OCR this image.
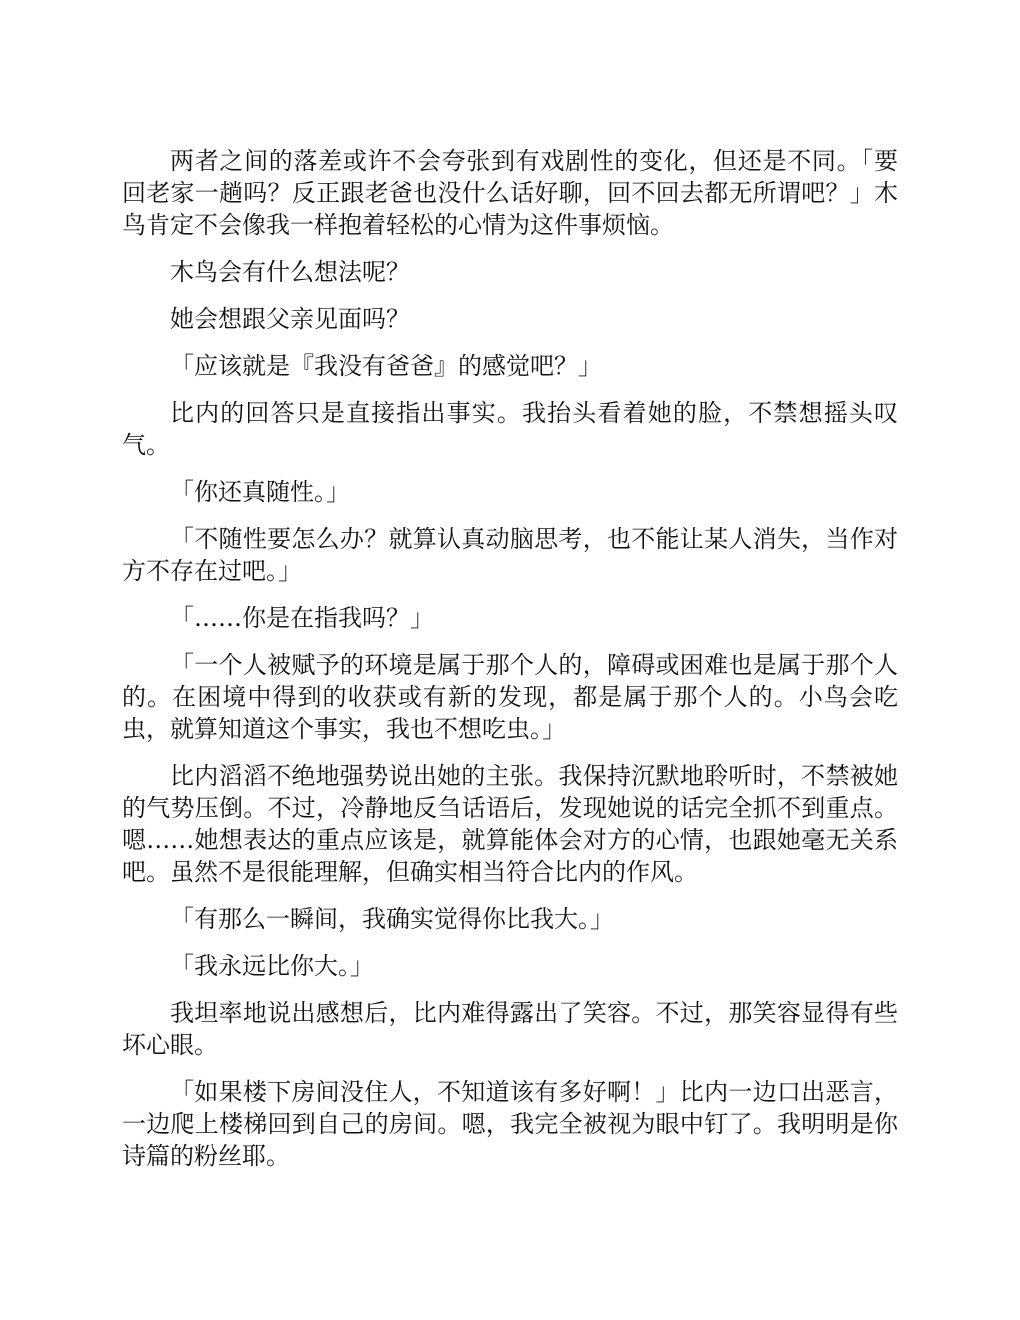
两者之间的落差或许不会夸张到有戏剧性的变化，但还是不同。「要回老家一趟吗？反正跟老爸也没什么话好聊，回不回去都无所谓吧？」木鸟肯定不会像我一样抱着轻松的心情为这件事烦恼。

木鸟会有什么想法呢？

她会想跟父亲见面吗？

「应该就是『我没有爸爸』的感觉吧？」

比内的回答只是直接指出事实。我抬头看着她的脸，不禁想摇头叹气。

「你还真随性。」

「不随性要怎么办？就算认真动脑思考，也不能让某人消失，当作对方不存在过吧。」

「……你是在指我吗？」

「一个人被赋予的环境是属于那个人的，障碍或困难也是属于那个人的。在困境中得到的收获或有新的发现，都是属于那个人的。小鸟会吃虫，就算知道这个事实，我也不想吃虫。」

比内滔滔不绝地强势说出她的主张。我保持沉默地聆听时，不禁被她的气势压倒。不过，冷静地反刍话语后，发现她说的话完全抓不到重点。嗯……她想表达的重点应该是，就算能体会对方的心情，也跟她毫无关系吧。虽然不是很能理解，但确实相当符合比内的作风。

「有那么一瞬间，我确实觉得你比我大。」

「我永远比你大。」

我坦率地说出感想后，比内难得露出了笑容。不过，那笑容显得有些坏心眼。

「如果楼下房间没住人，不知道该有多好啊！」比内一边口出恶言，一边爬上楼梯回到自己的房间。嗯，我完全被视为眼中钉了。我明明是你诗篇的粉丝耶。
